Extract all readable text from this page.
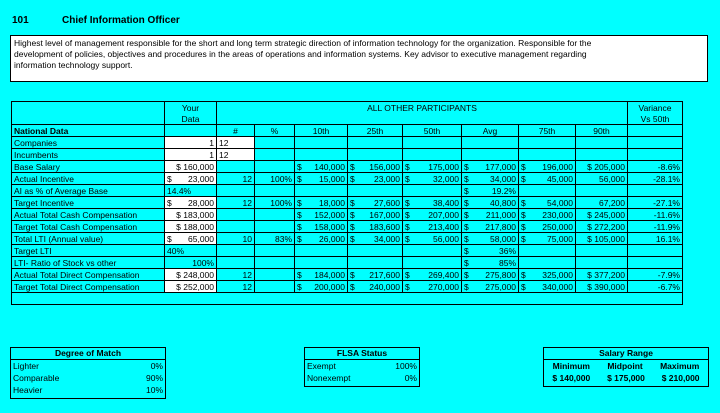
101	Chief Information Officer
Highest level of management responsible for the short and long term strategic direction of information technology for the organization. Responsible for the
development of policies, objectives and procedures in the areas of operations and information systems. Key advisor to executive management regarding
information technology support.
	Your	ALL OTHER PARTICIPANTS								Variance
	Data									Vs 50th
National Data		#	%	10th	25th	50th	Avg	75th	90th	
Companies	1	12								
Incumbents	1	12								
Base Salary	$ 160,000			$ 140,000	$ 156,000	$ 175,000	$ 177,000	$ 196,000	$ 205,000	-8.6%
Actual Incentive	$ 23,000	12	100%	$ 15,000	$ 23,000	$ 32,000	$ 34,000	$ 45,000	56,000	-28.1%
AI as % of Average Base	14.4%						$ 19.2%			

Target Incentive	$ 28,000	12	100%	$ 18,000	$ 27,600	$ 38,400	$ 40,800	$ 54,000	67,200	-27.1%
Actual Total Cash Compensation	$ 183,000			$ 152,000	$ 167,000	$ 207,000	$ 211,000	$ 230,000	$ 245,000	-11.6%
Target Total Cash Compensation	$ 188,000			$ 158,000	$ 183,600	$ 213,400	$ 217,800	$ 250,000	$ 272,200	-11.9%
Total LTI (Annual value)	$ 65,000	10	83%	$ 26,000	$ 34,000	$ 56,000	$ 58,000	$ 75,000	$ 105,000	16.1%
Target LTI	40%						$ 36%			

LTI- Ratio of Stock vs other	100%						$ 85%			

Actual Total Direct Compensation	$ 248,000	12		$ 184,000	$ 217,600	$ 269,400	$ 275,800	$ 325,000	$ 377,200	-7.9%
Target Total Direct Compensation	$ 252,000	12		$ 200,000	$ 240,000	$ 270,000	$ 275,000	$ 340,000	$ 390,000	-6.7%

Degree of Match
Lighter	0%
Comparable	90%
Heavier	10%
FLSA Status
Exempt	100%
Nonexempt	0%
Salary Range
Minimum Midpoint Maximum
$ 140,000 $ 175,000 $ 210,000
